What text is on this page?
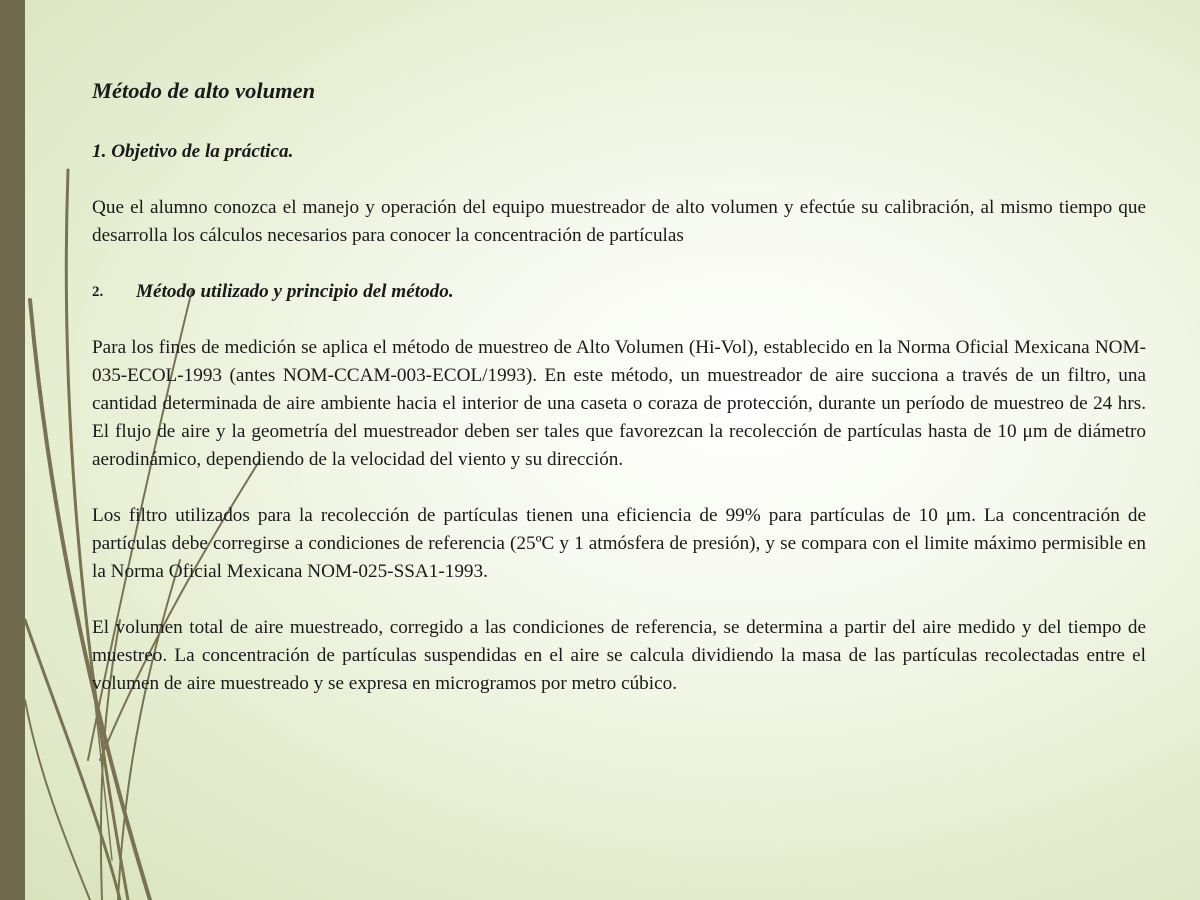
Método de alto volumen
1. Objetivo de la práctica.
Que el alumno conozca el manejo y operación del equipo muestreador de alto volumen y efectúe su calibración, al mismo tiempo que desarrolla los cálculos necesarios para conocer la concentración de partículas
2.	Método utilizado y principio del método.
Para los fines de medición se aplica el método de muestreo de Alto Volumen (Hi-Vol), establecido en la Norma Oficial Mexicana NOM-035-ECOL-1993 (antes NOM-CCAM-003-ECOL/1993). En este método, un muestreador de aire succiona a través de un filtro, una cantidad determinada de aire ambiente hacia el interior de una caseta o coraza de protección, durante un período de muestreo de 24 hrs. El flujo de aire y la geometría del muestreador deben ser tales que favorezcan la recolección de partículas hasta de 10 μm de diámetro aerodinámico, dependiendo de la velocidad del viento y su dirección.
Los filtro utilizados para la recolección de partículas tienen una eficiencia de 99% para partículas de 10 μm. La concentración de partículas debe corregirse a condiciones de referencia (25ºC y 1 atmósfera de presión), y se compara con el limite máximo permisible en la Norma Oficial Mexicana NOM-025-SSA1-1993.
El volumen total de aire muestreado, corregido a las condiciones de referencia, se determina a partir del aire medido y del tiempo de muestreo. La concentración de partículas suspendidas en el aire se calcula dividiendo la masa de las partículas recolectadas entre el volumen de aire muestreado y se expresa en microgramos por metro cúbico.
